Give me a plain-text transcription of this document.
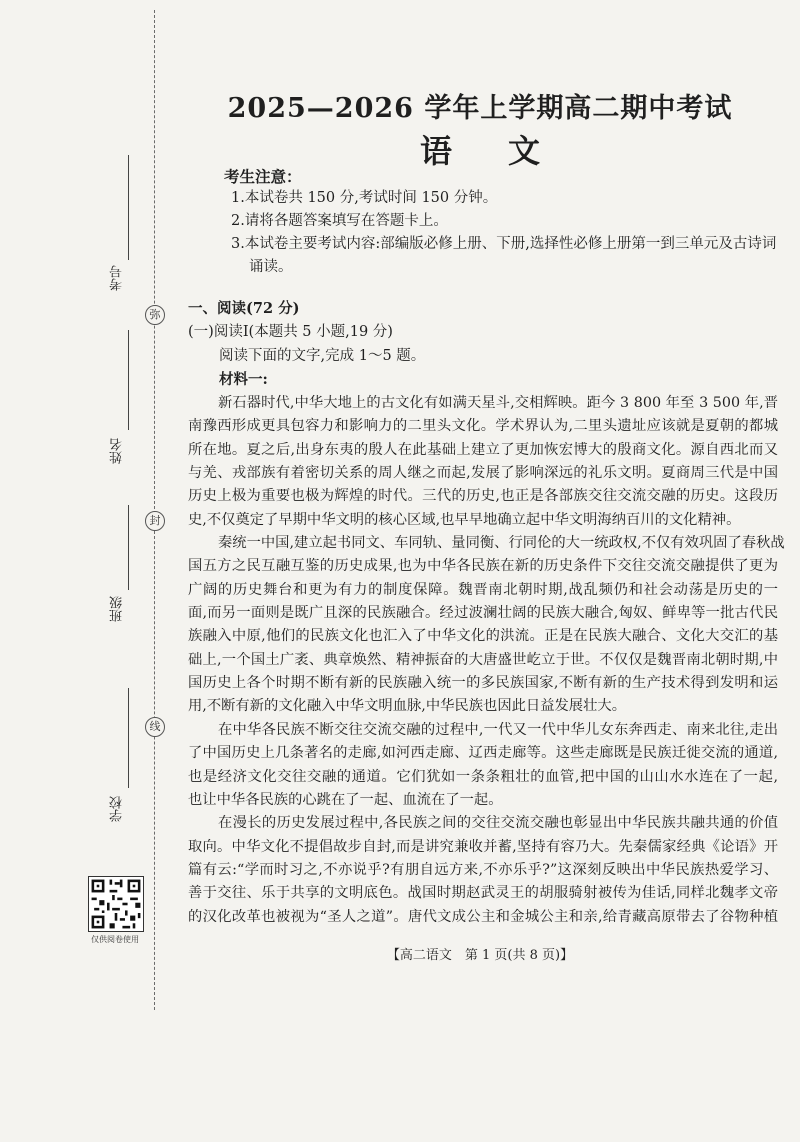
弥
封
线
考号
姓名
班级
学校
仅供阅卷使用
2025—2026 学年上学期高二期中考试
语文
考生注意：
1.本试卷共 150 分,考试时间 150 分钟。
2.请将各题答案填写在答题卡上。
3.本试卷主要考试内容:部编版必修上册、下册,选择性必修上册第一到三单元及古诗词
诵读。
一、阅读(72 分)
(一)阅读Ⅰ(本题共 5 小题,19 分)
阅读下面的文字,完成 1～5 题。
材料一:
新石器时代,中华大地上的古文化有如满天星斗,交相辉映。距今 3 800 年至 3 500 年,晋
南豫西形成更具包容力和影响力的二里头文化。学术界认为,二里头遗址应该就是夏朝的都城
所在地。夏之后,出身东夷的殷人在此基础上建立了更加恢宏博大的殷商文化。源自西北而又
与羌、戎部族有着密切关系的周人继之而起,发展了影响深远的礼乐文明。夏商周三代是中国
历史上极为重要也极为辉煌的时代。三代的历史,也正是各部族交往交流交融的历史。这段历
史,不仅奠定了早期中华文明的核心区域,也早早地确立起中华文明海纳百川的文化精神。
秦统一中国,建立起书同文、车同轨、量同衡、行同伦的大一统政权,不仅有效巩固了春秋战
国五方之民互融互鉴的历史成果,也为中华各民族在新的历史条件下交往交流交融提供了更为
广阔的历史舞台和更为有力的制度保障。魏晋南北朝时期,战乱频仍和社会动荡是历史的一
面,而另一面则是既广且深的民族融合。经过波澜壮阔的民族大融合,匈奴、鲜卑等一批古代民
族融入中原,他们的民族文化也汇入了中华文化的洪流。正是在民族大融合、文化大交汇的基
础上,一个国土广袤、典章焕然、精神振奋的大唐盛世屹立于世。不仅仅是魏晋南北朝时期,中
国历史上各个时期不断有新的民族融入统一的多民族国家,不断有新的生产技术得到发明和运
用,不断有新的文化融入中华文明血脉,中华民族也因此日益发展壮大。
在中华各民族不断交往交流交融的过程中,一代又一代中华儿女东奔西走、南来北往,走出
了中国历史上几条著名的走廊,如河西走廊、辽西走廊等。这些走廊既是民族迁徙交流的通道,
也是经济文化交往交融的通道。它们犹如一条条粗壮的血管,把中国的山山水水连在了一起,
也让中华各民族的心跳在了一起、血流在了一起。
在漫长的历史发展过程中,各民族之间的交往交流交融也彰显出中华民族共融共通的价值
取向。中华文化不提倡故步自封,而是讲究兼收并蓄,坚持有容乃大。先秦儒家经典《论语》开
篇有云:“学而时习之,不亦说乎?有朋自远方来,不亦乐乎?”这深刻反映出中华民族热爱学习、
善于交往、乐于共享的文明底色。战国时期赵武灵王的胡服骑射被传为佳话,同样北魏孝文帝
的汉化改革也被视为“圣人之道”。唐代文成公主和金城公主和亲,给青藏高原带去了谷物种植
【高二语文　第 1 页(共 8 页)】
